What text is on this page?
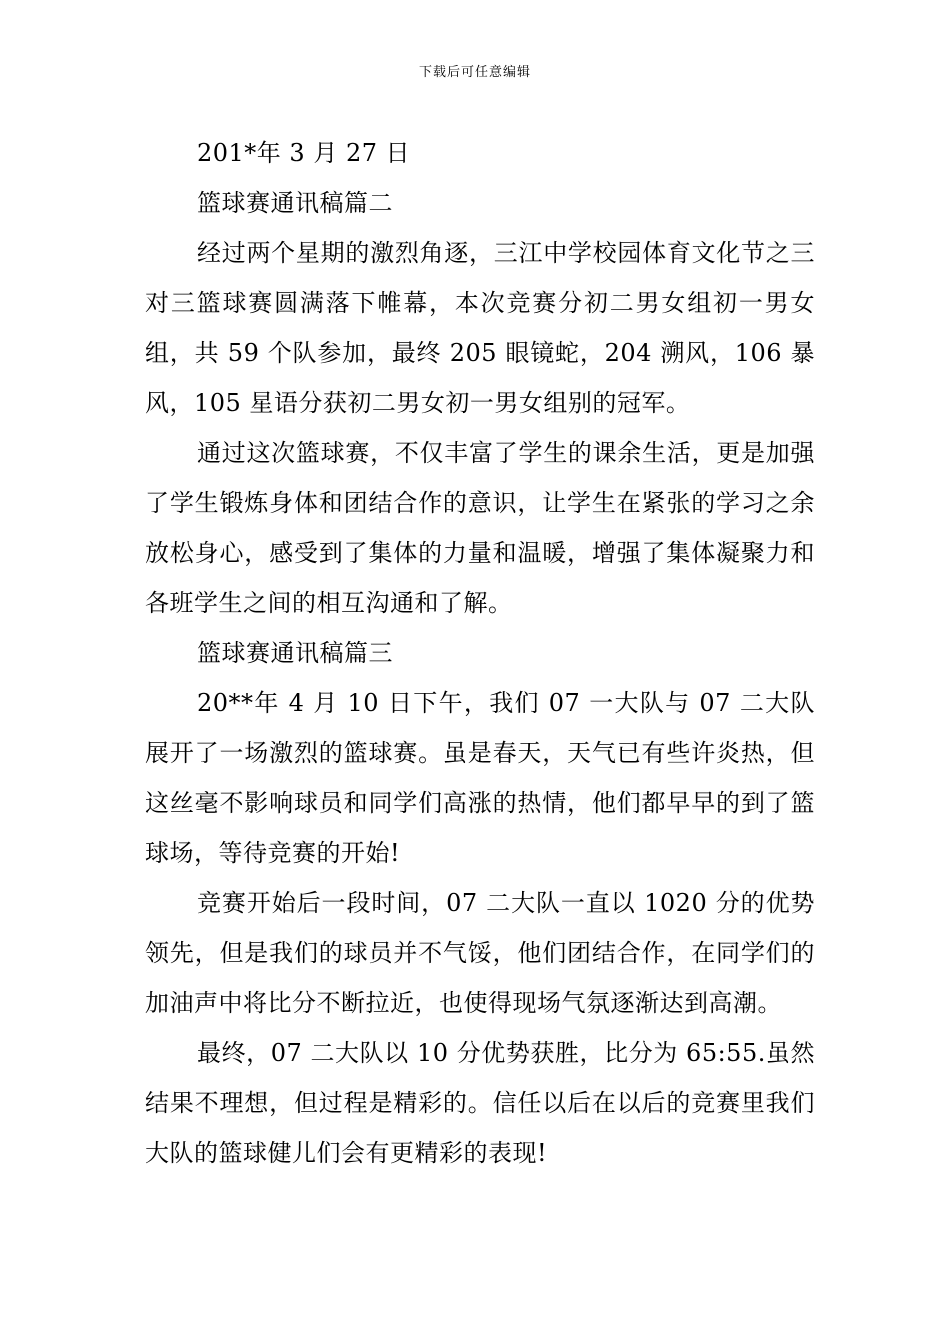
下载后可任意编辑

201*年 3 月 27 日

篮球赛通讯稿篇二

经过两个星期的激烈角逐，三江中学校园体育文化节之三对三篮球赛圆满落下帷幕，本次竞赛分初二男女组初一男女组，共 59 个队参加，最终 205 眼镜蛇，204 溯风，106 暴风，105 星语分获初二男女初一男女组别的冠军。

通过这次篮球赛，不仅丰富了学生的课余生活，更是加强了学生锻炼身体和团结合作的意识，让学生在紧张的学习之余放松身心，感受到了集体的力量和温暖，增强了集体凝聚力和各班学生之间的相互沟通和了解。

篮球赛通讯稿篇三

20**年 4 月 10 日下午，我们 07 一大队与 07 二大队展开了一场激烈的篮球赛。虽是春天，天气已有些许炎热，但这丝毫不影响球员和同学们高涨的热情，他们都早早的到了篮球场，等待竞赛的开始!

竞赛开始后一段时间，07 二大队一直以 1020 分的优势领先，但是我们的球员并不气馁，他们团结合作，在同学们的加油声中将比分不断拉近，也使得现场气氛逐渐达到高潮。

最终，07 二大队以 10 分优势获胜，比分为 65:55.虽然结果不理想，但过程是精彩的。信任以后在以后的竞赛里我们大队的篮球健儿们会有更精彩的表现!
